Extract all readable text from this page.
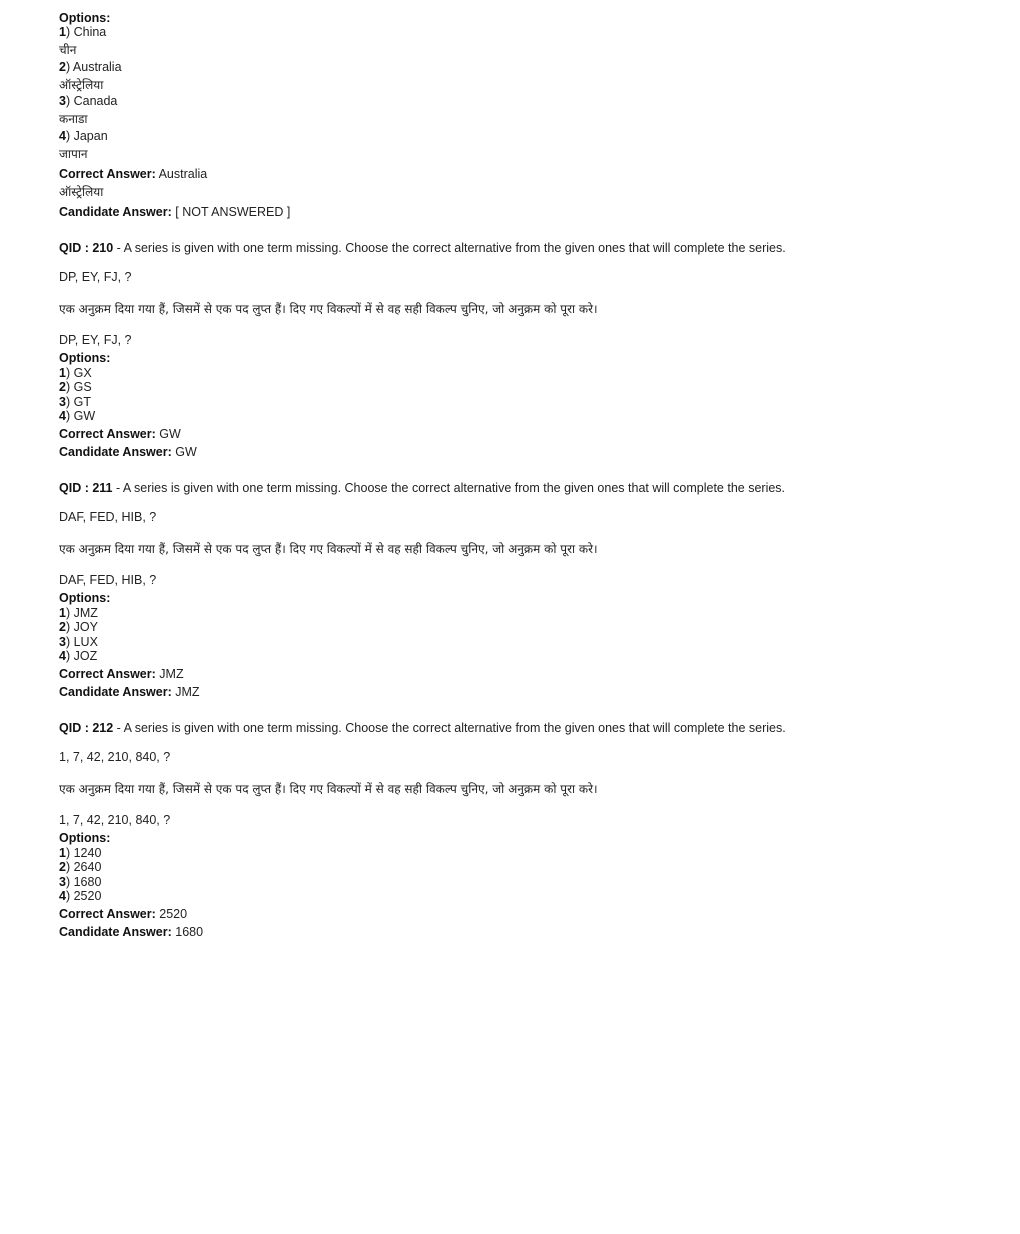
Options:
1) China
चीन
2) Australia
ऑस्ट्रेलिया
3) Canada
कनाडा
4) Japan
जापान
Correct Answer: Australia
ऑस्ट्रेलिया
Candidate Answer: [ NOT ANSWERED ]
QID : 210 - A series is given with one term missing. Choose the correct alternative from the given ones that will complete the series.
DP, EY, FJ, ?
एक अनुक्रम दिया गया हैं, जिसमें से एक पद लुप्त हैं। दिए गए विकल्पों में से वह सही विकल्प चुनिए, जो अनुक्रम को पूरा करे।
DP, EY, FJ, ?
Options:
1) GX
2) GS
3) GT
4) GW
Correct Answer: GW
Candidate Answer: GW
QID : 211 - A series is given with one term missing. Choose the correct alternative from the given ones that will complete the series.
DAF, FED, HIB, ?
एक अनुक्रम दिया गया हैं, जिसमें से एक पद लुप्त हैं। दिए गए विकल्पों में से वह सही विकल्प चुनिए, जो अनुक्रम को पूरा करे।
DAF, FED, HIB, ?
Options:
1) JMZ
2) JOY
3) LUX
4) JOZ
Correct Answer: JMZ
Candidate Answer: JMZ
QID : 212 - A series is given with one term missing. Choose the correct alternative from the given ones that will complete the series.
1, 7, 42, 210, 840, ?
एक अनुक्रम दिया गया हैं, जिसमें से एक पद लुप्त हैं। दिए गए विकल्पों में से वह सही विकल्प चुनिए, जो अनुक्रम को पूरा करे।
1, 7, 42, 210, 840, ?
Options:
1) 1240
2) 2640
3) 1680
4) 2520
Correct Answer: 2520
Candidate Answer: 1680
